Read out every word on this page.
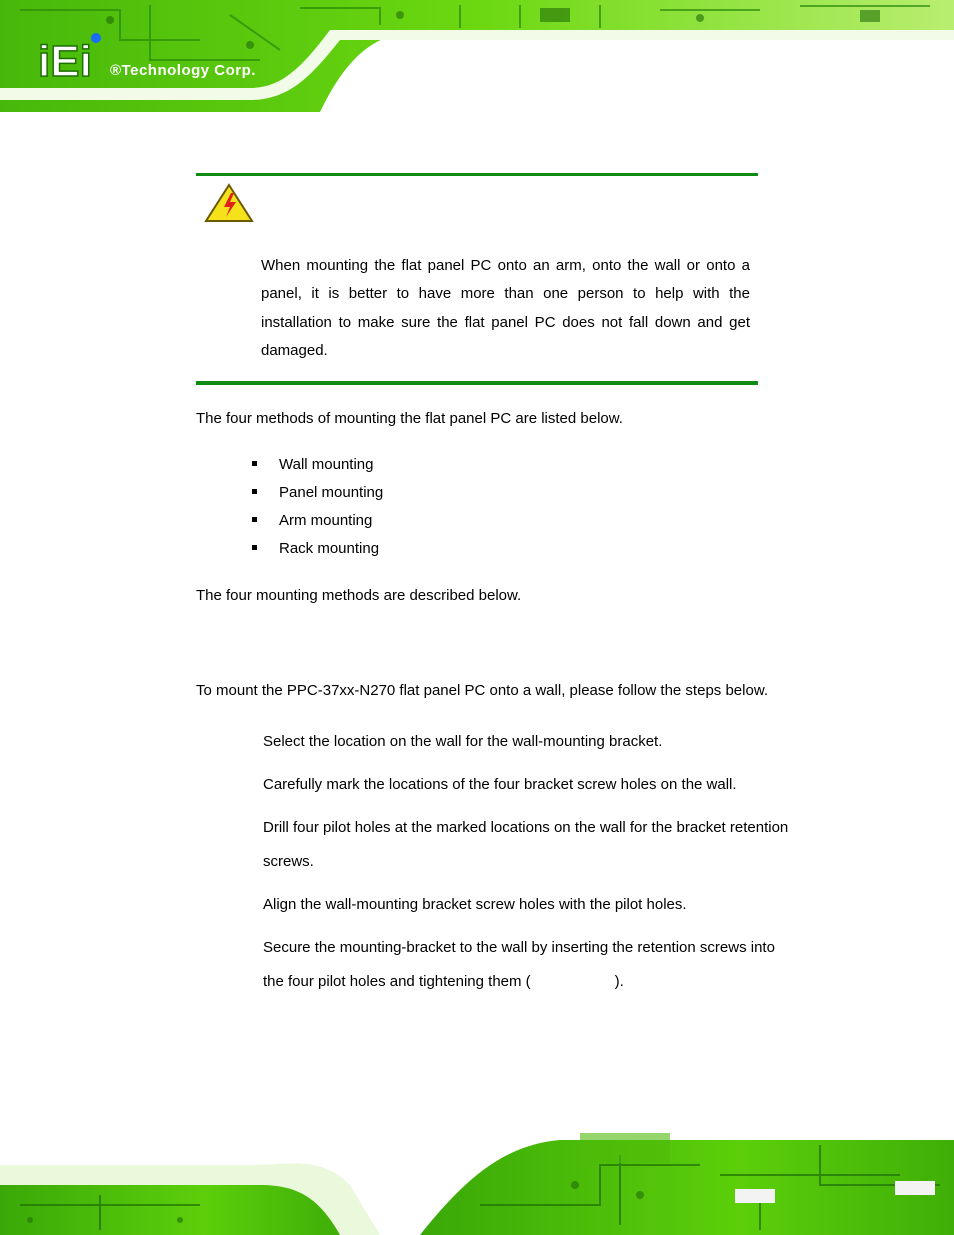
iEi ®Technology Corp.
When mounting the flat panel PC onto an arm, onto the wall or onto a
panel, it is better to have more than one person to help with the
installation to make sure the flat panel PC does not fall down and get
damaged.
The four methods of mounting the flat panel PC are listed below.
Wall mounting
Panel mounting
Arm mounting
Rack mounting
The four mounting methods are described below.
To mount the PPC-37xx-N270 flat panel PC onto a wall, please follow the steps below.
Select the location on the wall for the wall-mounting bracket.
Carefully mark the locations of the four bracket screw holes on the wall.
Drill four pilot holes at the marked locations on the wall for the bracket retention
screws.
Align the wall-mounting bracket screw holes with the pilot holes.
Secure the mounting-bracket to the wall by inserting the retention screws into
the four pilot holes and tightening them (	).
